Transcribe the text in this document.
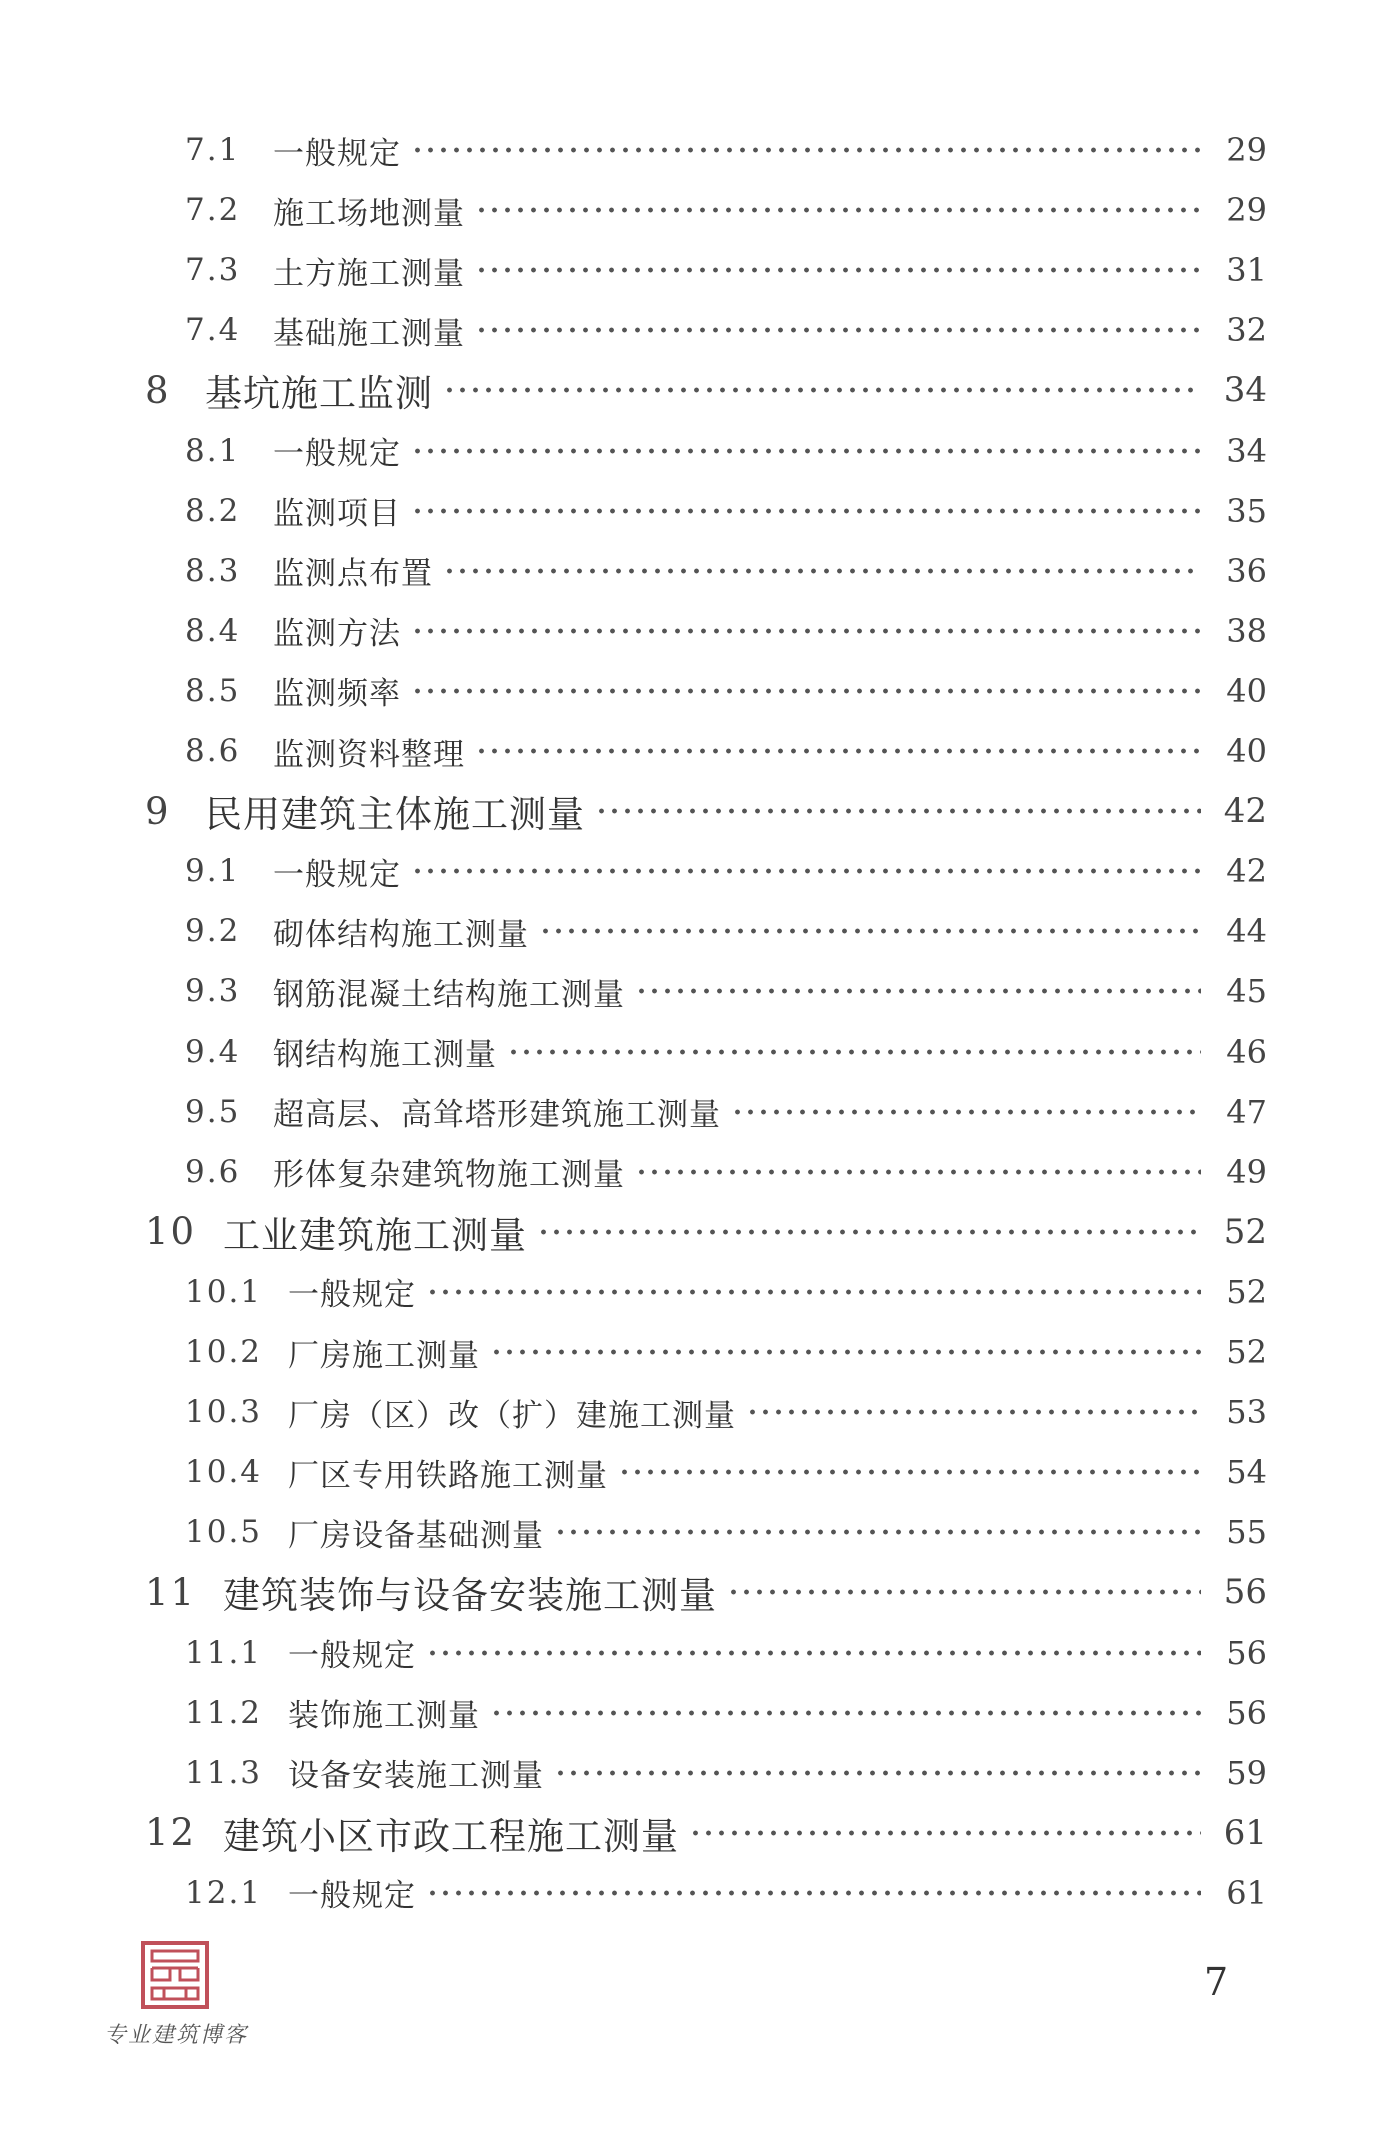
7.1	一般规定	29
7.2	施工场地测量	29
7.3	土方施工测量	31
7.4	基础施工测量	32
8 基坑施工监测	34
8.1	一般规定	34
8.2	监测项目	35
8.3	监测点布置	36
8.4	监测方法	38
8.5	监测频率	40
8.6	监测资料整理	40
9 民用建筑主体施工测量	42
9.1	一般规定	42
9.2	砌体结构施工测量	44
9.3	钢筋混凝土结构施工测量	45
9.4	钢结构施工测量	46
9.5	超高层、高耸塔形建筑施工测量	47
9.6	形体复杂建筑物施工测量	49
10 工业建筑施工测量	52
10.1 一般规定	52
10.2 厂房施工测量	52
10.3 厂房（区）改（扩）建施工测量	53
10.4 厂区专用铁路施工测量	54
10.5 厂房设备基础测量	55
11 建筑装饰与设备安装施工测量	56
11.1 一般规定	56
11.2 装饰施工测量	56
11.3 设备安装施工测量	59
12 建筑小区市政工程施工测量	61
12.1 一般规定	61
7
专业建筑博客
